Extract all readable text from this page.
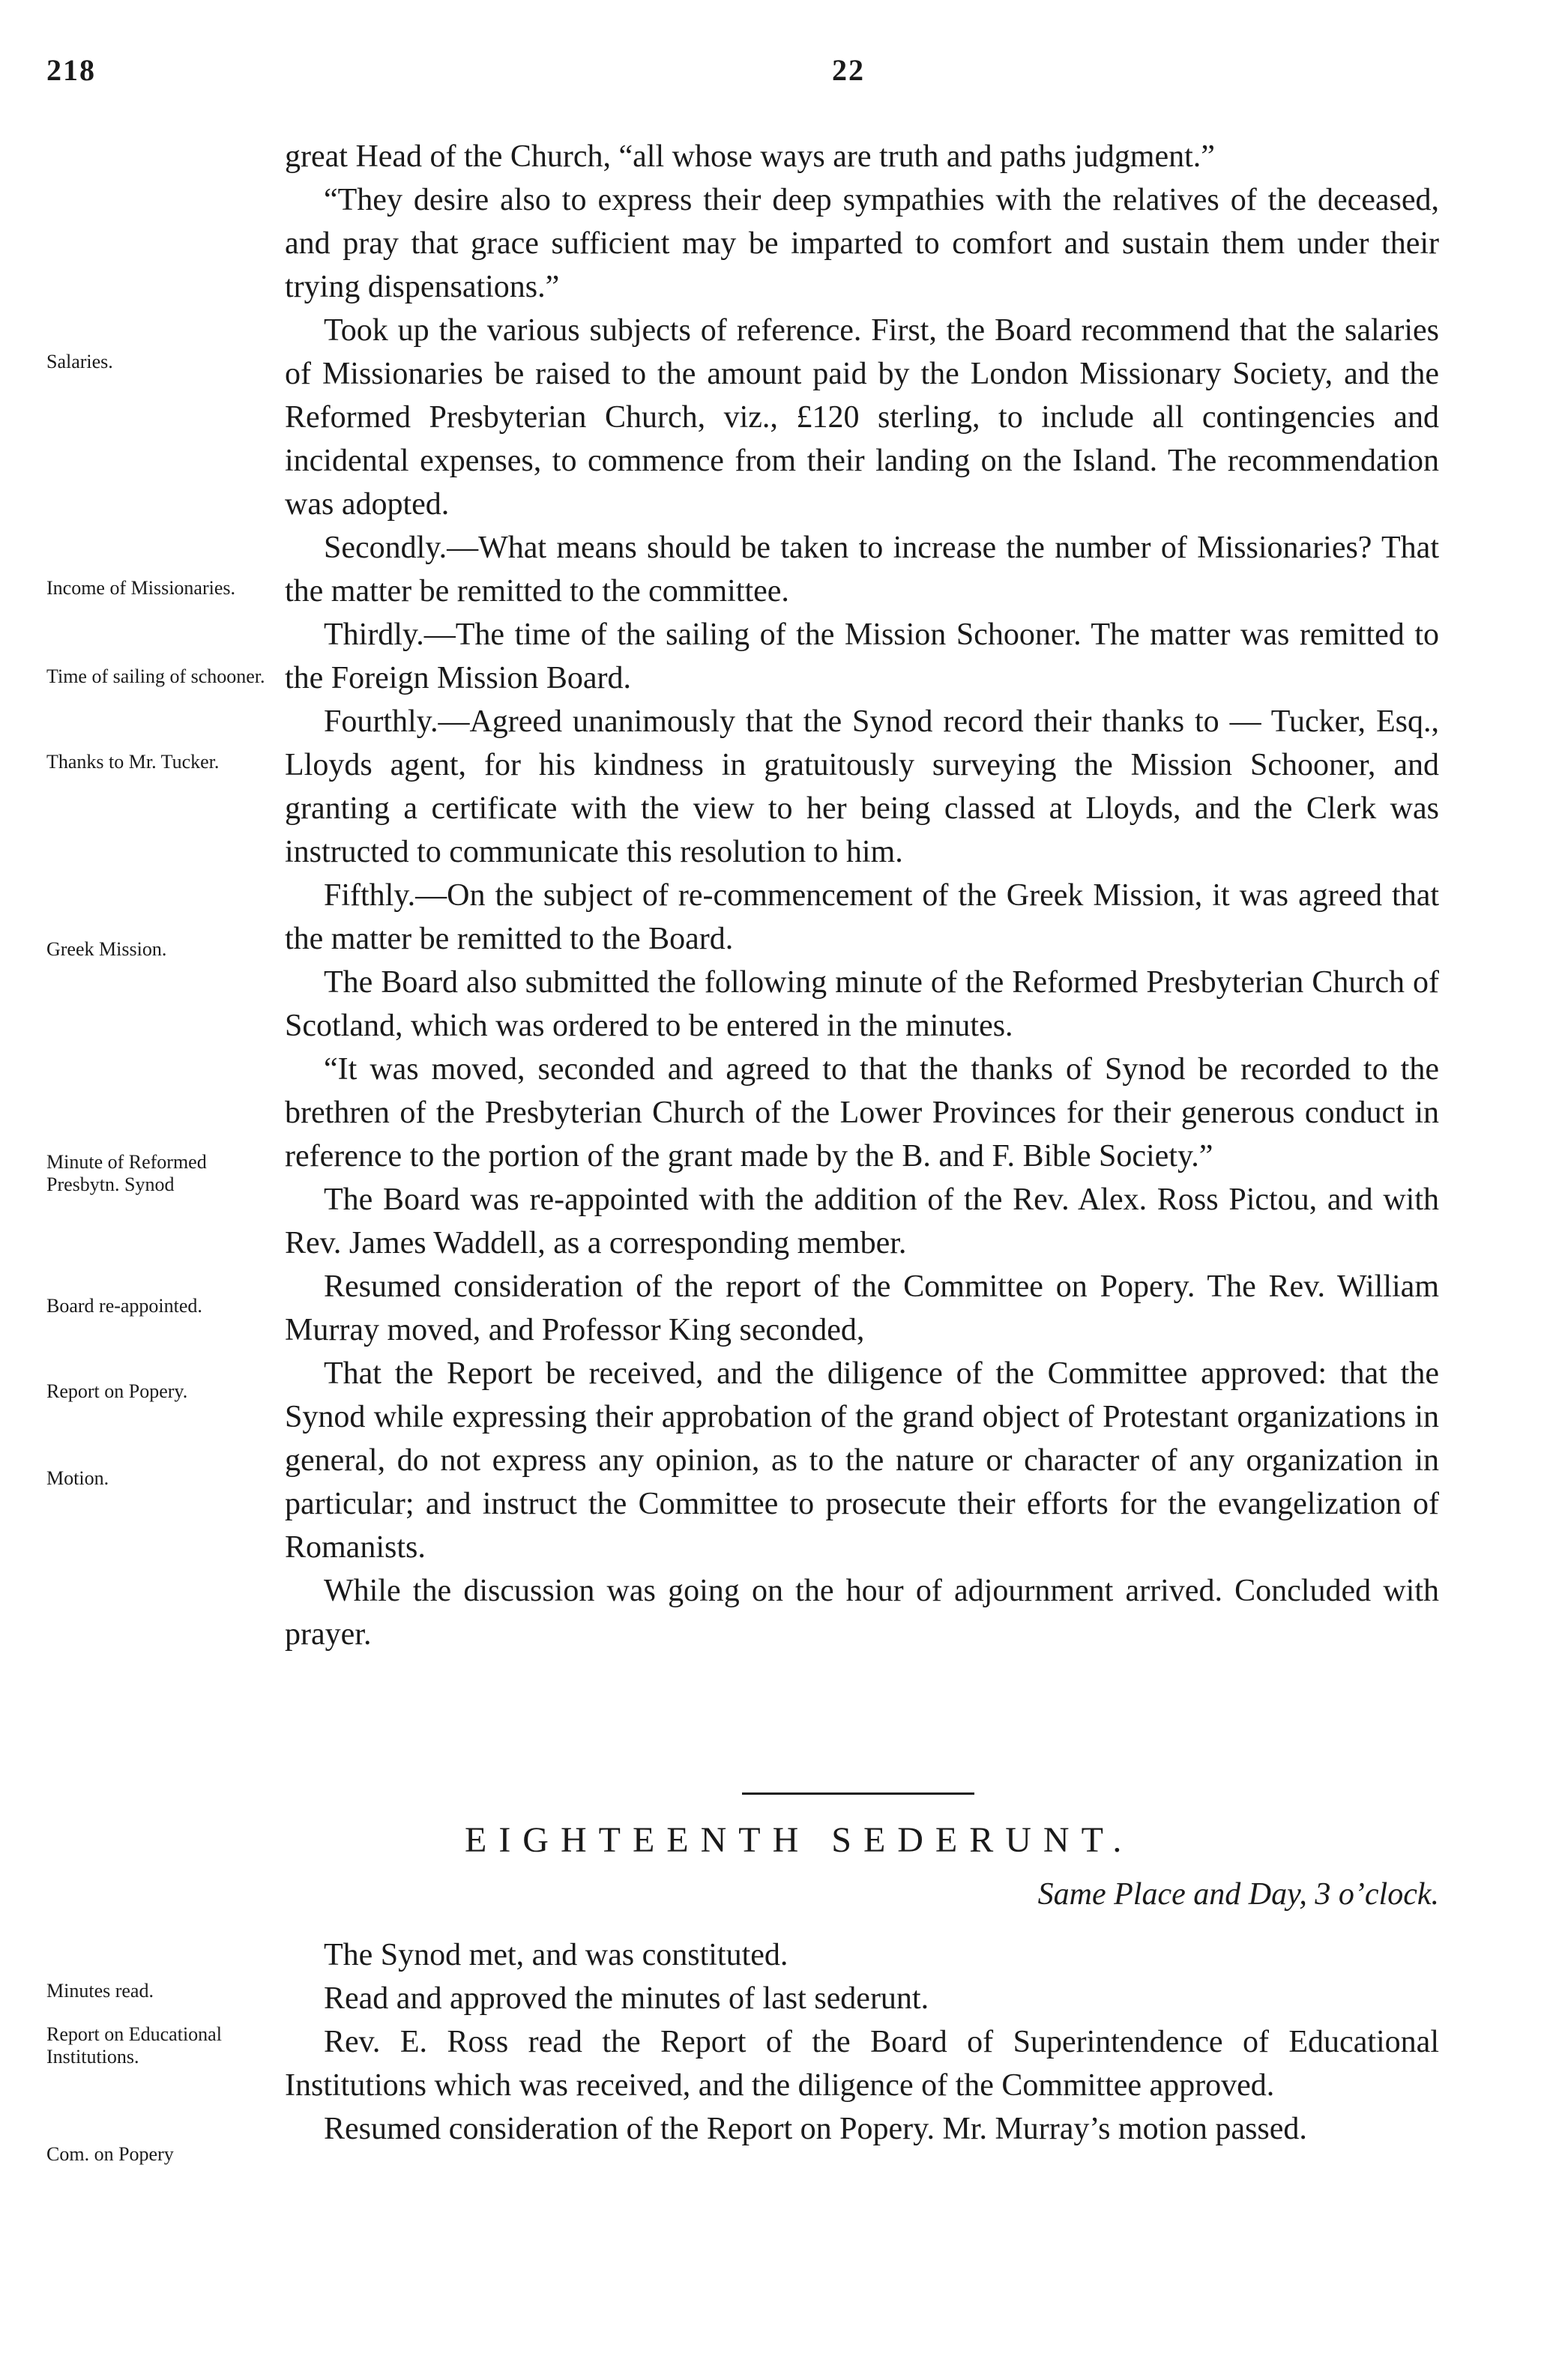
218	22
Salaries.
Income of Missionaries.
Time of sailing of schooner.
Thanks to Mr. Tucker.
Greek Mission.
Minute of Reformed Presbytn. Synod
Board re-appointed.
Report on Popery.
Motion.
Minutes read.
Report on Educational Institutions.
Com. on Popery

great Head of the Church, “all whose ways are truth and paths judgment.”

“They desire also to express their deep sympathies with the relatives of the deceased, and pray that grace sufficient may be imparted to comfort and sustain them under their trying dispensations.”

Took up the various subjects of reference. First, the Board recommend that the salaries of Missionaries be raised to the amount paid by the London Missionary Society, and the Reformed Presbyterian Church, viz., £120 sterling, to include all contingencies and incidental expenses, to commence from their landing on the Island. The recommendation was adopted.

Secondly.—What means should be taken to increase the number of Missionaries? That the matter be remitted to the committee.

Thirdly.—The time of the sailing of the Mission Schooner. The matter was remitted to the Foreign Mission Board.

Fourthly.—Agreed unanimously that the Synod record their thanks to — Tucker, Esq., Lloyds agent, for his kindness in gratuitously surveying the Mission Schooner, and granting a certificate with the view to her being classed at Lloyds, and the Clerk was instructed to communicate this resolution to him.

Fifthly.—On the subject of re-commencement of the Greek Mission, it was agreed that the matter be remitted to the Board.

The Board also submitted the following minute of the Reformed Presbyterian Church of Scotland, which was ordered to be entered in the minutes.

“It was moved, seconded and agreed to that the thanks of Synod be recorded to the brethren of the Presbyterian Church of the Lower Provinces for their generous conduct in reference to the portion of the grant made by the B. and F. Bible Society.”

The Board was re-appointed with the addition of the Rev. Alex. Ross Pictou, and with Rev. James Waddell, as a corresponding member.

Resumed consideration of the report of the Committee on Popery. The Rev. William Murray moved, and Professor King seconded,

That the Report be received, and the diligence of the Committee approved: that the Synod while expressing their approbation of the grand object of Protestant organizations in general, do not express any opinion, as to the nature or character of any organization in particular; and instruct the Committee to prosecute their efforts for the evangelization of Romanists.

While the discussion was going on the hour of adjournment arrived. Concluded with prayer.

EIGHTEENTH SEDERUNT.
Same Place and Day, 3 o’clock.

The Synod met, and was constituted.

Read and approved the minutes of last sederunt.

Rev. E. Ross read the Report of the Board of Superintendence of Educational Institutions which was received, and the diligence of the Committee approved.

Resumed consideration of the Report on Popery. Mr. Murray’s motion passed.
